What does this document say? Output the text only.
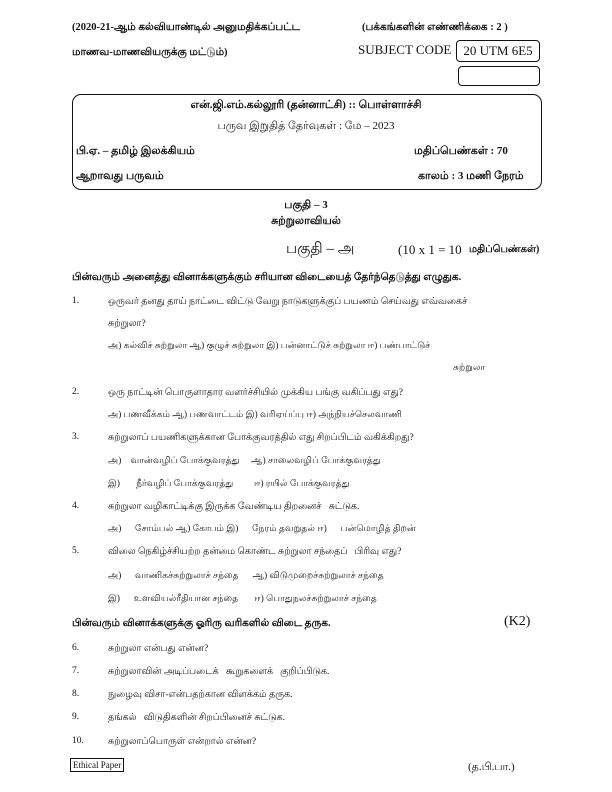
(2020-21-ஆம் கல்வியாண்டில் அனுமதிக்கப்பட்ட	(பக்கங்களின் எண்ணிக்கை : 2 )
மாணவ-மாணவியருக்கு மட்டும்)	SUBJECT CODE 20 UTM 6E5
என்.ஜி.எம்.கல்லூரி (தன்னாட்சி) :: பொள்ளாச்சி
பருவ இறுதித் தேர்வுகள் : மே – 2023
பி.ஏ. – தமிழ் இலக்கியம்	மதிப்பெண்கள் : 70
ஆறாவது பருவம்	காலம் : 3 மணி நேரம்
பகுதி – 3
சுற்றுலாவியல்
பகுதி – அ	(10 x 1 = 10 மதிப்பெண்கள்)
பின்வரும் அனைத்து வினாக்களுக்கும் சரியான விடையைத் தேர்ந்தெடுத்து எழுதுக.
1.	ஒருவர் தனது தாய் நாட்டை விட்டு வேறு நாடுகளுக்குப் பயணம் செய்வது எவ்வகைச்
சுற்றுலா?
அ) கல்விச் சுற்றுலா ஆ) குழுச் சுற்றுலா இ) பன்னாட்டுச் சுற்றுலா ஈ) பண்பாட்டுச்
சுற்றுலா
2.	ஒரு நாட்டின் பொருளாதார வளர்ச்சியில் முக்கிய பங்கு வகிப்பது எது?
அ) பணவீக்கம் ஆ) பணவாட்டம் இ) வரிஏய்ப்பு ஈ) அந்நியச்செலவாணி
3.	சுற்றுலாப் பயணிகளுக்கான போக்குவரத்தில் எது சிறப்பிடம் வகிக்கிறது?
அ)    வான்வழிப் போக்குவரத்து     ஆ) சாலைவழிப் போக்குவரத்து
இ)       நீர்வழிப் போக்குவரத்து         ஈ) ரயில் போக்குவரத்து
4.	சுற்றுலா வழிகாட்டிக்கு இருக்க வேண்டிய திறனைச்   சுட்டுக.
அ)      சோம்பல் ஆ) கோபம் இ)      நேரம் தவறுதல் ஈ)      பன்மொழித் திறன்
5.	விலை நெகிழ்ச்சியற்ற தன்மை கொண்ட சுற்றுலா சந்தைப்   பிரிவு எது?
அ)      வாணிகச்சுற்றுலாச் சந்தை      ஆ) விடுமுறைச்சுற்றுலாச் சந்தை
இ)      உளவியல்ரீதியான சந்தை       ஈ) பொதுநலச்சுற்றுலாச் சந்தை
பின்வரும் வினாக்களுக்கு ஓரிரு வரிகளில் விடை தருக.	(K2)
6.	சுற்றுலா என்பது என்ன?
7.	சுற்றுலாவின் அடிப்படைக்   கூறுகளைக்   குறிப்பிடுக.
8.	நுழைவு விசா-என்பதற்கான விளக்கம் தருக.
9.	தங்கல்   விடுதிகளின் சிறப்பினைச் சுட்டுக.
10.	சுற்றுலாப்பொருள் என்றால் என்ன?
Ethical Paper	(த.பி.பா.)
